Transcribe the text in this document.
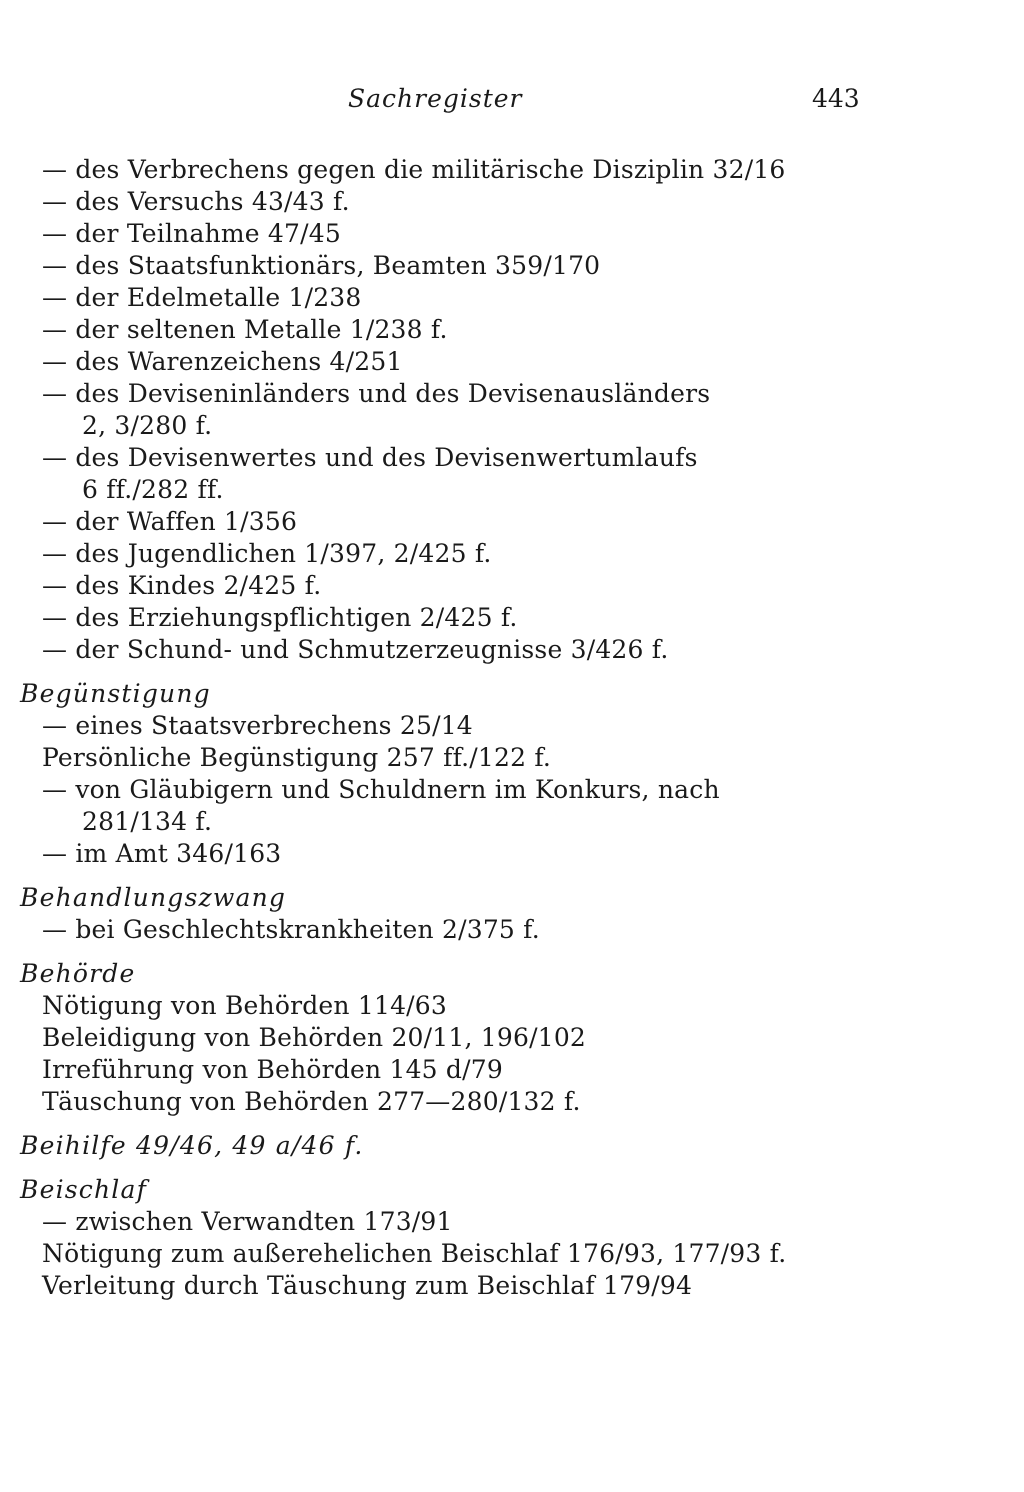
Sachregister	443
— des Verbrechens gegen die militärische Disziplin 32/16
— des Versuchs 43/43 f.
— der Teilnahme 47/45
— des Staatsfunktionärs, Beamten 359/170
— der Edelmetalle 1/238
— der seltenen Metalle 1/238 f.
— des Warenzeichens 4/251
— des Deviseninländers und des Devisenausländers
2, 3/280 f.
— des Devisenwertes und des Devisenwertumlaufs
6 ff./282 ff.
— der Waffen 1/356
— des Jugendlichen 1/397, 2/425 f.
— des Kindes 2/425 f.
— des Erziehungspflichtigen 2/425 f.
— der Schund- und Schmutzerzeugnisse 3/426 f.
Begünstigung
— eines Staatsverbrechens 25/14
Persönliche Begünstigung 257 ff./122 f.
— von Gläubigern und Schuldnern im Konkurs, nach
281/134 f.
— im Amt 346/163
Behandlungszwang
— bei Geschlechtskrankheiten 2/375 f.
Behörde
Nötigung von Behörden 114/63
Beleidigung von Behörden 20/11, 196/102
Irreführung von Behörden 145 d/79
Täuschung von Behörden 277—280/132 f.
Beihilfe 49/46, 49 a/46 f.
Beischlaf
— zwischen Verwandten 173/91
Nötigung zum außerehelichen Beischlaf 176/93, 177/93 f.
Verleitung durch Täuschung zum Beischlaf 179/94
